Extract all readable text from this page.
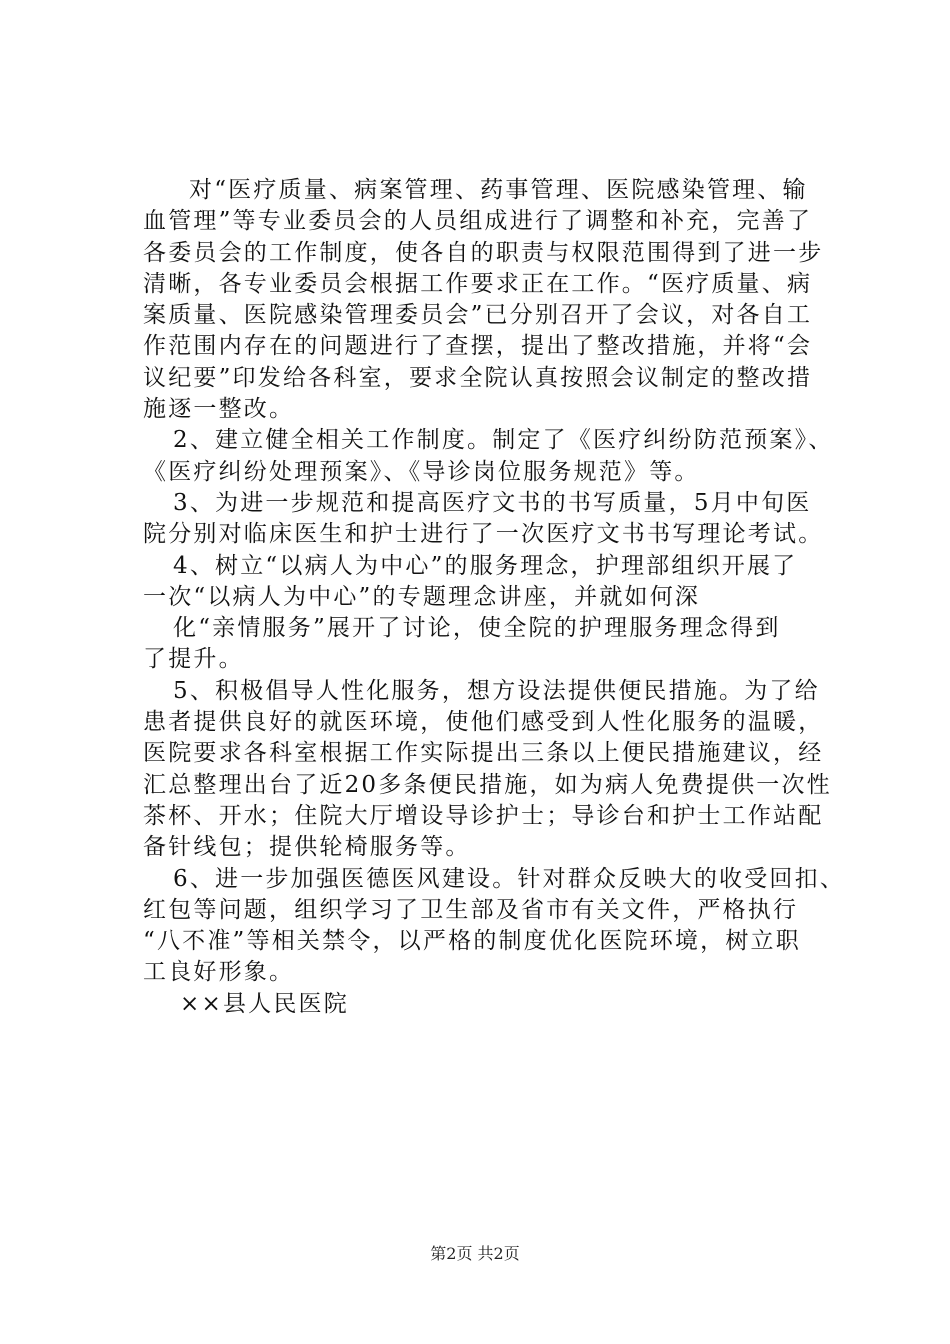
对“医疗质量、病案管理、药事管理、医院感染管理、输
血管理”等专业委员会的人员组成进行了调整和补充，完善了
各委员会的工作制度，使各自的职责与权限范围得到了进一步
清晰，各专业委员会根据工作要求正在工作。“医疗质量、病
案质量、医院感染管理委员会”已分别召开了会议，对各自工
作范围内存在的问题进行了查摆，提出了整改措施，并将“会
议纪要”印发给各科室，要求全院认真按照会议制定的整改措
施逐一整改。
2、建立健全相关工作制度。制定了《医疗纠纷防范预案》、
《医疗纠纷处理预案》、《导诊岗位服务规范》等。
3、为进一步规范和提高医疗文书的书写质量，5月中旬医
院分别对临床医生和护士进行了一次医疗文书书写理论考试。
4、树立“以病人为中心”的服务理念，护理部组织开展了
一次“以病人为中心”的专题理念讲座，并就如何深
化“亲情服务”展开了讨论，使全院的护理服务理念得到
了提升。
5、积极倡导人性化服务，想方设法提供便民措施。为了给
患者提供良好的就医环境，使他们感受到人性化服务的温暖，
医院要求各科室根据工作实际提出三条以上便民措施建议，经
汇总整理出台了近20多条便民措施，如为病人免费提供一次性
茶杯、开水；住院大厅增设导诊护士；导诊台和护士工作站配
备针线包；提供轮椅服务等。
6、进一步加强医德医风建设。针对群众反映大的收受回扣、
红包等问题，组织学习了卫生部及省市有关文件，严格执行
“八不准”等相关禁令，以严格的制度优化医院环境，树立职
工良好形象。
××县人民医院
第2页 共2页
